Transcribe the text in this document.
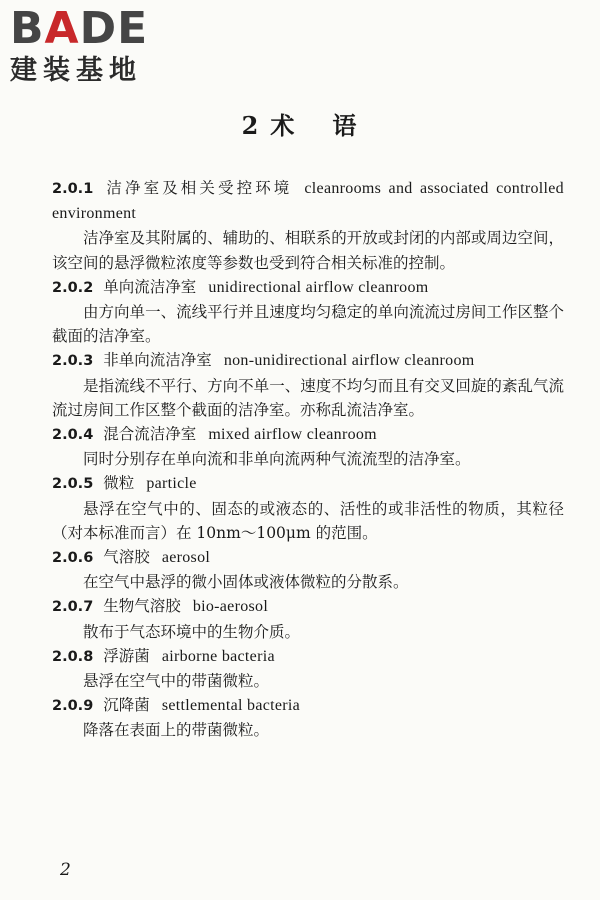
BADE
建装基地
2 术 语
2.0.1 洁净室及相关受控环境 cleanrooms and associated controlled environment
洁净室及其附属的、辅助的、相联系的开放或封闭的内部或周边空间，该空间的悬浮微粒浓度等参数也受到符合相关标准的控制。
2.0.2 单向流洁净室 unidirectional airflow cleanroom
由方向单一、流线平行并且速度均匀稳定的单向流流过房间工作区整个截面的洁净室。
2.0.3 非单向流洁净室 non-unidirectional airflow cleanroom
是指流线不平行、方向不单一、速度不均匀而且有交叉回旋的紊乱气流流过房间工作区整个截面的洁净室。亦称乱流洁净室。
2.0.4 混合流洁净室 mixed airflow cleanroom
同时分别存在单向流和非单向流两种气流流型的洁净室。
2.0.5 微粒 particle
悬浮在空气中的、固态的或液态的、活性的或非活性的物质，其粒径（对本标准而言）在 10nm～100μm 的范围。
2.0.6 气溶胶 aerosol
在空气中悬浮的微小固体或液体微粒的分散系。
2.0.7 生物气溶胶 bio-aerosol
散布于气态环境中的生物介质。
2.0.8 浮游菌 airborne bacteria
悬浮在空气中的带菌微粒。
2.0.9 沉降菌 settlemental bacteria
降落在表面上的带菌微粒。
2
